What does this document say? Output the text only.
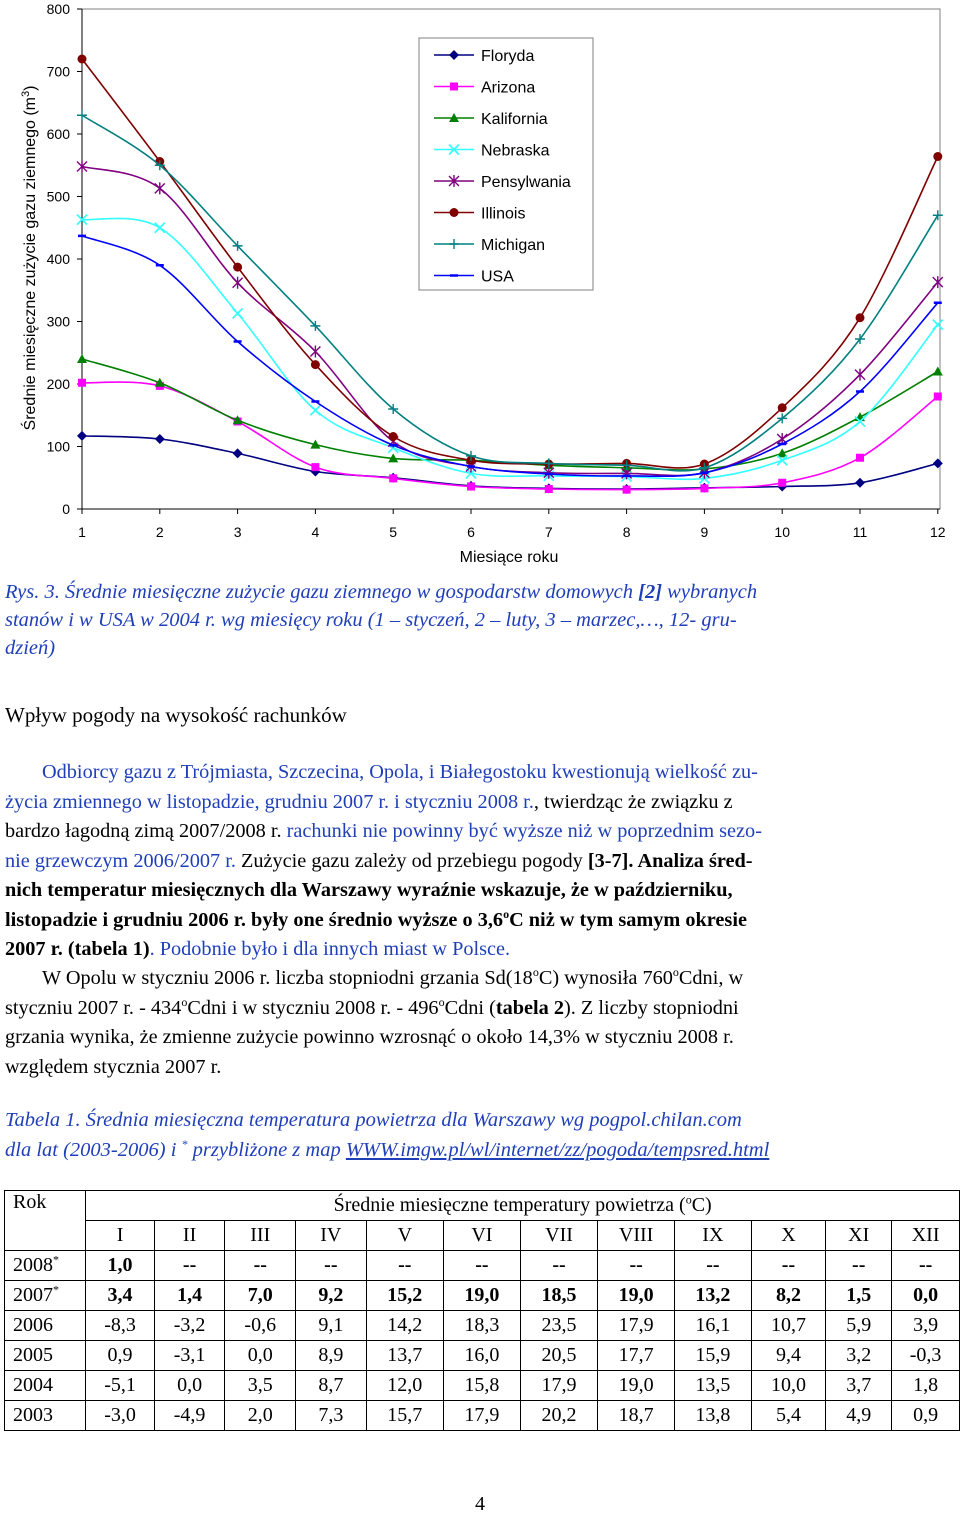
Średnie miesięczne zużycie gazu ziemnego $(m^3)$
0
100
200
300
400
500
600
700
800
1	2	3	4	5	6	7	8	9	10	11	12
Floryda
Arizona
Kalifornia
Nebraska
Pensylwania
Illinois
Michigan
USA
Miesiące roku
Rys. 3. Średnie miesięczne zużycie gazu ziemnego w gospodarstw domowych [2] wybranych
stanów i w USA w 2004 r. wg miesięcy roku (1 – styczeń, 2 – luty, 3 – marzec,…, 12- gru-
dzień)
Wpływ pogody na wysokość rachunków
Odbiorcy gazu z Trójmiasta, Szczecina, Opola, i Białegostoku kwestionują wielkość zu-
życia zmiennego w listopadzie, grudniu 2007 r. i styczniu 2008 r., twierdząc że związku z
bardzo łagodną zimą 2007/2008 r. rachunki nie powinny być wyższe niż w poprzednim sezo-
nie grzewczym 2006/2007 r. Zużycie gazu zależy od przebiegu pogody [3-7]. Analiza śred-
nich temperatur miesięcznych dla Warszawy wyraźnie wskazuje, że w październiku,
listopadzie i grudniu 2006 r. były one średnio wyższe o 3,6$^o$C niż w tym samym okresie
2007 r. (tabela 1). Podobnie było i dla innych miast w Polsce.
W Opolu w styczniu 2006 r. liczba stopniodni grzania Sd(18$^o$C) wynosiła 760$^o$Cdni, w
styczniu 2007 r. - 434$^o$Cdni i w styczniu 2008 r. - 496$^o$Cdni (tabela 2). Z liczby stopniodni
grzania wynika, że zmienne zużycie powinno wzrosnąć o około 14,3% w styczniu 2008 r.
względem stycznia 2007 r.
Tabela 1. Średnia miesięczna temperatura powietrza dla Warszawy wg pogpol.chilan.com
dla lat (2003-2006) i * przybliżone z map WWW.imgw.pl/wl/internet/zz/pogoda/tempsred.html
Rok	Średnie miesięczne temperatury powietrza ($^o$C)											
	I	II	III	IV	V	VI	VII	VIII	IX	X	XI	XII
2008*	1,0	--	--	--	--	--	--	--	--	--	--	--
2007*	3,4	1,4	7,0	9,2	15,2	19,0	18,5	19,0	13,2	8,2	1,5	0,0
2006	-8,3	-3,2	-0,6	9,1	14,2	18,3	23,5	17,9	16,1	10,7	5,9	3,9
2005	0,9	-3,1	0,0	8,9	13,7	16,0	20,5	17,7	15,9	9,4	3,2	-0,3
2004	-5,1	0,0	3,5	8,7	12,0	15,8	17,9	19,0	13,5	10,0	3,7	1,8
2003	-3,0	-4,9	2,0	7,3	15,7	17,9	20,2	18,7	13,8	5,4	4,9	0,9
4
